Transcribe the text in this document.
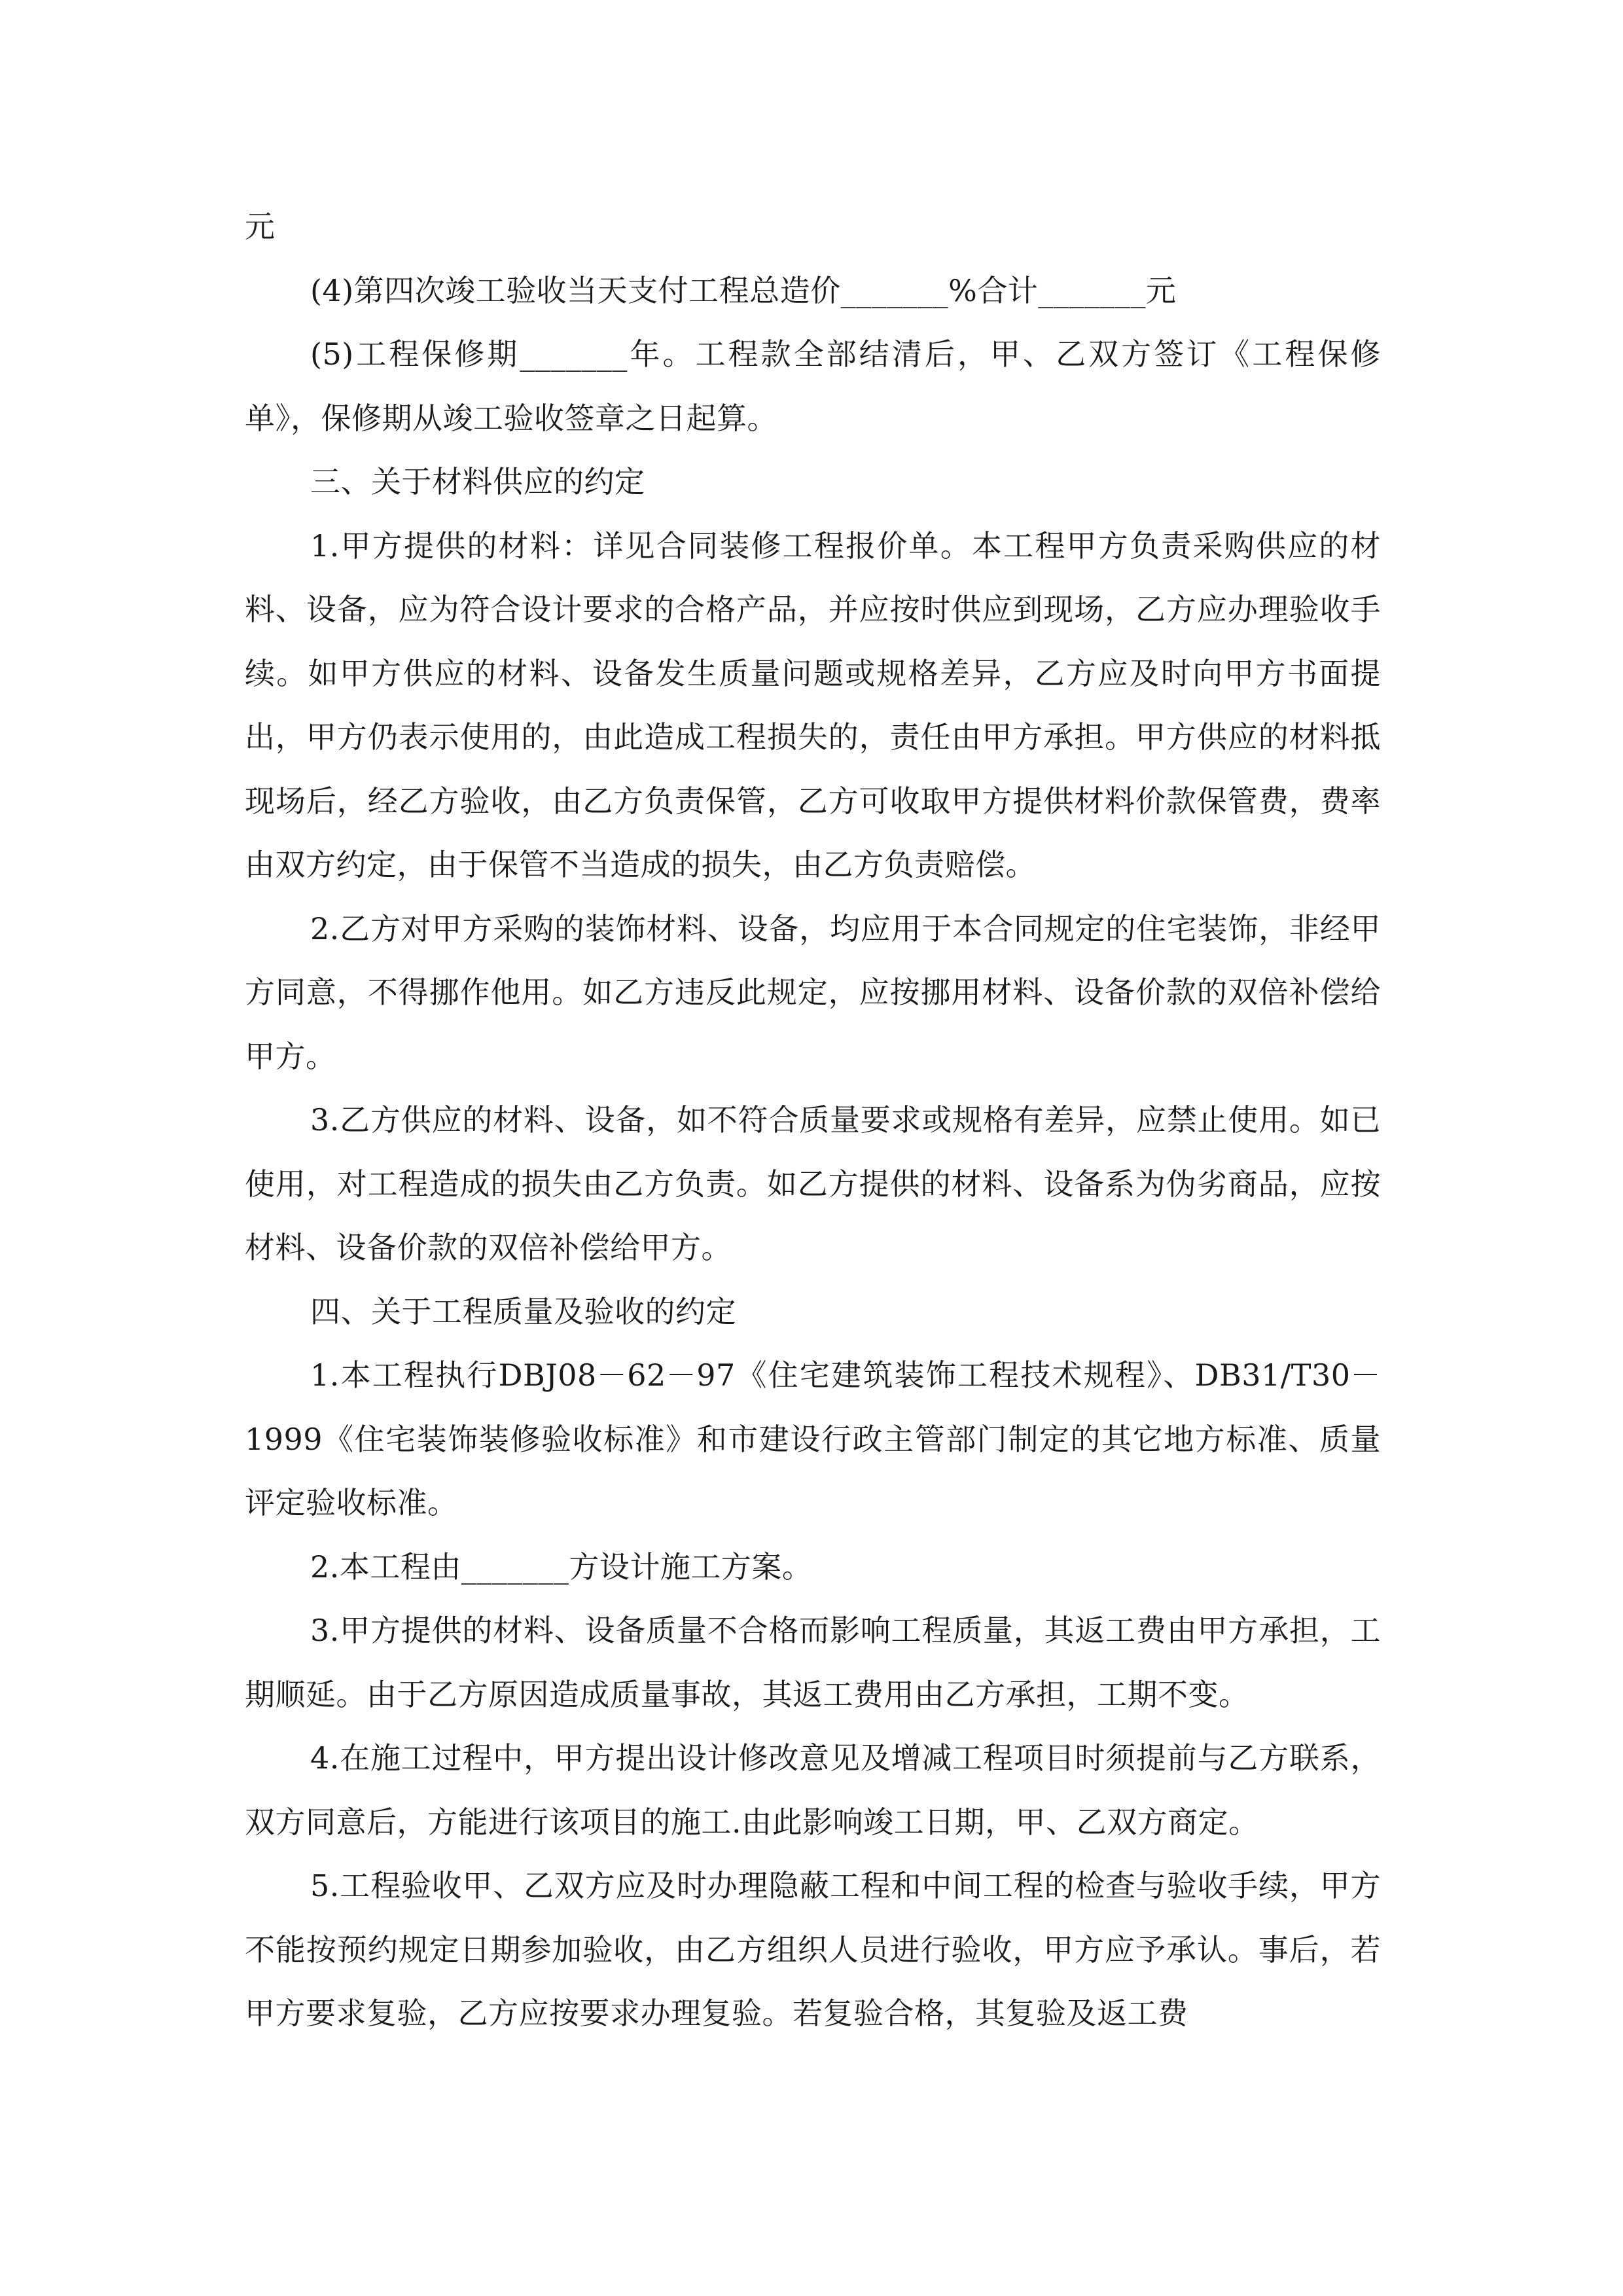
元

(4)第四次竣工验收当天支付工程总造价_______%合计_______元

(5)工程保修期_______年。工程款全部结清后，甲、乙双方签订《工程保修单》，保修期从竣工验收签章之日起算。

三、关于材料供应的约定

1.甲方提供的材料：详见合同装修工程报价单。本工程甲方负责采购供应的材料、设备，应为符合设计要求的合格产品，并应按时供应到现场，乙方应办理验收手续。如甲方供应的材料、设备发生质量问题或规格差异，乙方应及时向甲方书面提出，甲方仍表示使用的，由此造成工程损失的，责任由甲方承担。甲方供应的材料抵现场后，经乙方验收，由乙方负责保管，乙方可收取甲方提供材料价款保管费，费率由双方约定，由于保管不当造成的损失，由乙方负责赔偿。

2.乙方对甲方采购的装饰材料、设备，均应用于本合同规定的住宅装饰，非经甲方同意，不得挪作他用。如乙方违反此规定，应按挪用材料、设备价款的双倍补偿给甲方。

3.乙方供应的材料、设备，如不符合质量要求或规格有差异，应禁止使用。如已使用，对工程造成的损失由乙方负责。如乙方提供的材料、设备系为伪劣商品，应按材料、设备价款的双倍补偿给甲方。

四、关于工程质量及验收的约定

1.本工程执行DBJ08－62－97《住宅建筑装饰工程技术规程》、DB31/T30－1999《住宅装饰装修验收标准》和市建设行政主管部门制定的其它地方标准、质量评定验收标准。

2.本工程由_______方设计施工方案。

3.甲方提供的材料、设备质量不合格而影响工程质量，其返工费由甲方承担，工期顺延。由于乙方原因造成质量事故，其返工费用由乙方承担，工期不变。

4.在施工过程中，甲方提出设计修改意见及增减工程项目时须提前与乙方联系，双方同意后，方能进行该项目的施工.由此影响竣工日期，甲、乙双方商定。

5.工程验收甲、乙双方应及时办理隐蔽工程和中间工程的检查与验收手续，甲方不能按预约规定日期参加验收，由乙方组织人员进行验收，甲方应予承认。事后，若甲方要求复验，乙方应按要求办理复验。若复验合格，其复验及返工费
